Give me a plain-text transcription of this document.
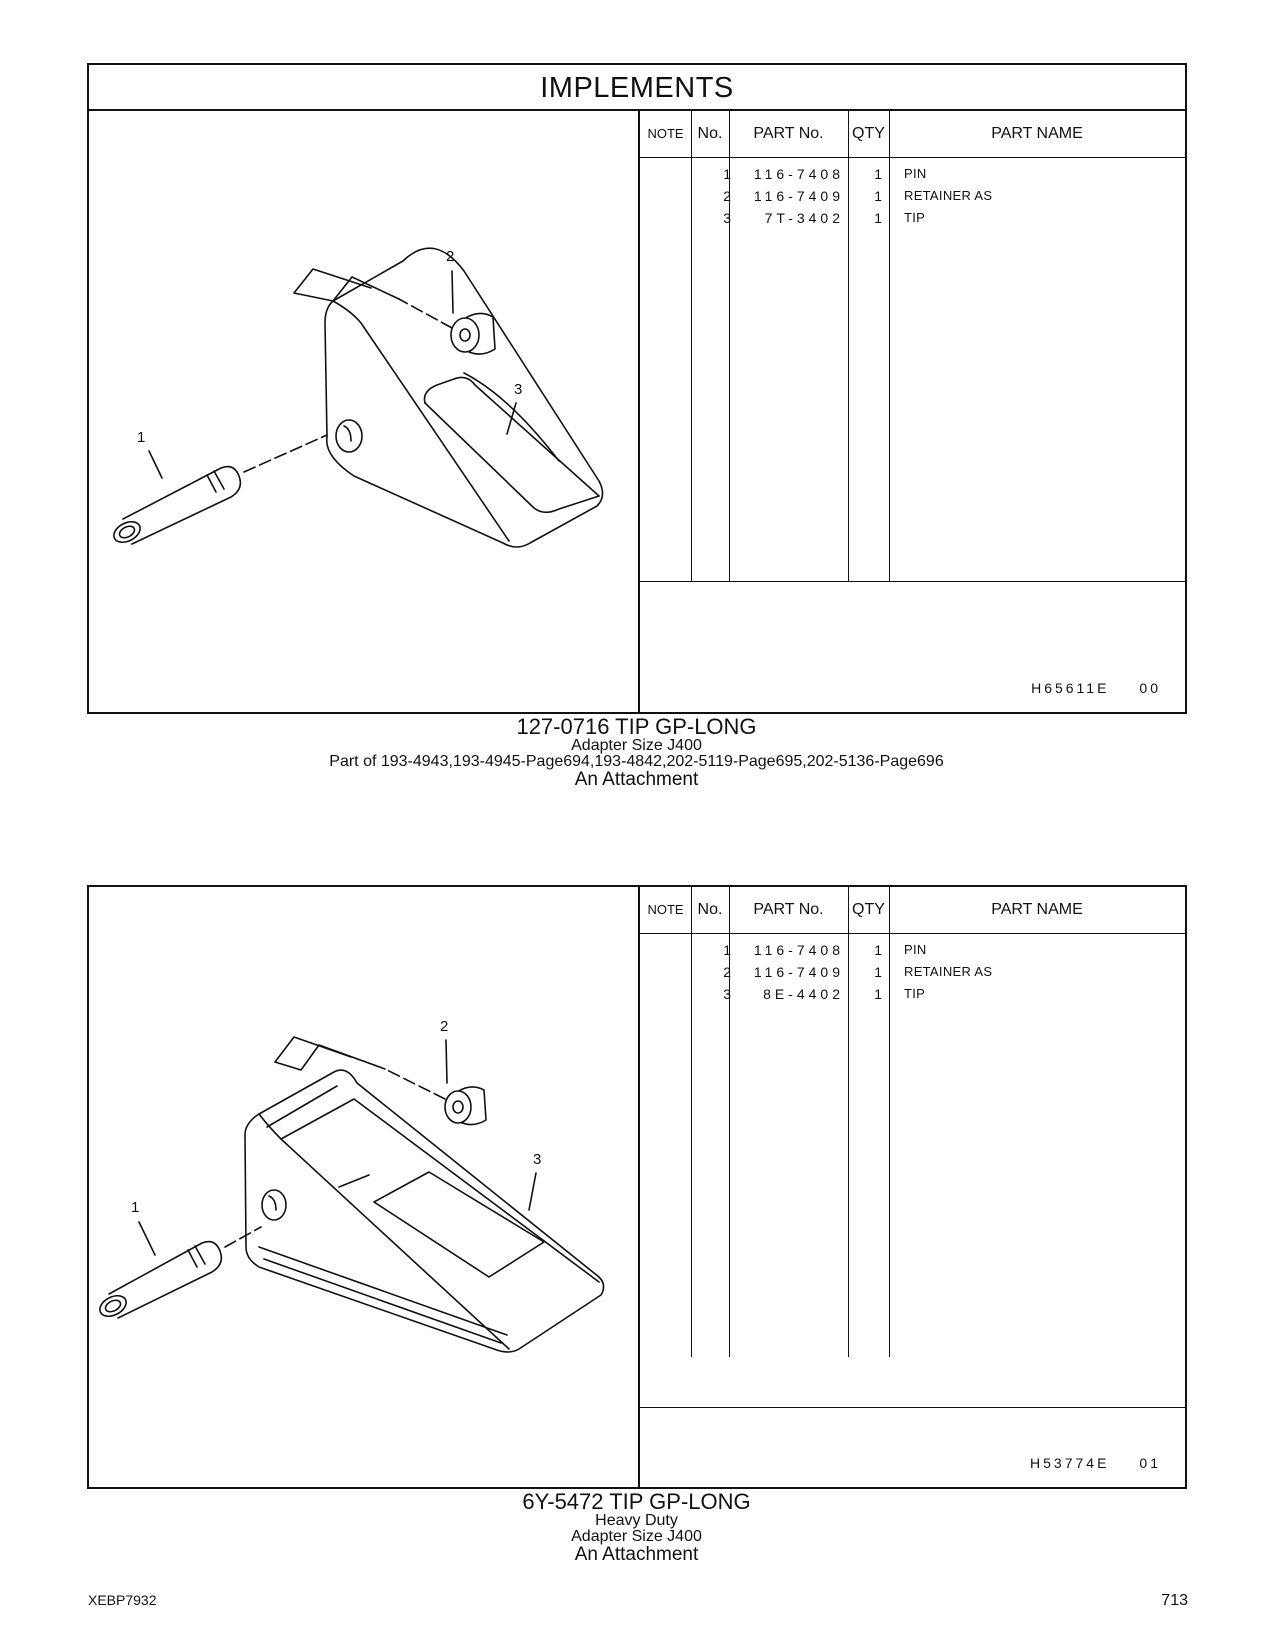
IMPLEMENTS
2
3
1
NOTE No.	PART No.	QTY	PART NAME
1	116-7408	1 PIN
2	116-7409	1 RETAINER AS
3	7T-3402	1 TIP
H65611E 00
127-0716 TIP GP-LONG
Adapter Size J400
Part of 193-4943,193-4945-Page694,193-4842,202-5119-Page695,202-5136-Page696
An Attachment
2
3
1
NOTE No.	PART No.	QTY	PART NAME
1	116-7408	1 PIN
2	116-7409	1 RETAINER AS
3	8E-4402	1 TIP
H53774E 01
6Y-5472 TIP GP-LONG
Heavy Duty
Adapter Size J400
An Attachment
XEBP7932	713
